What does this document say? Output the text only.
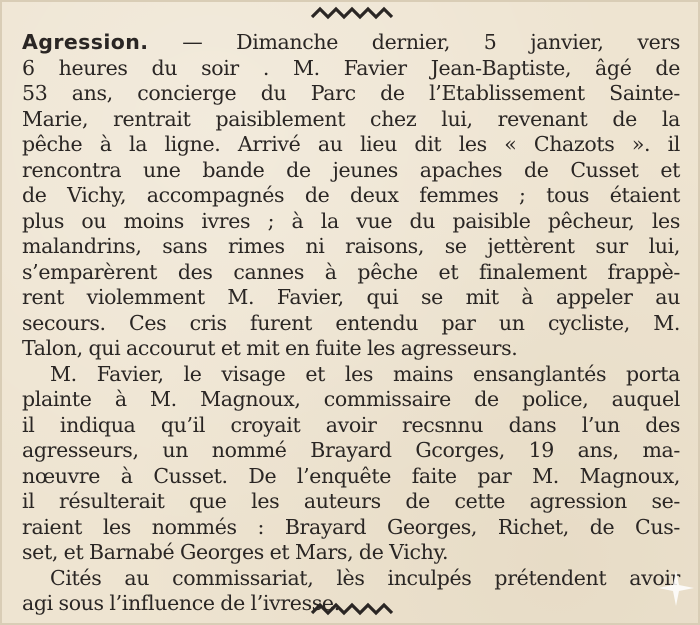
Agression. — Dimanche dernier, 5 janvier, vers
6 heures du soir . M. Favier Jean-Baptiste, âgé de
53 ans, concierge du Parc de l’Etablissement Sainte-
Marie, rentrait paisiblement chez lui, revenant de la
pêche à la ligne. Arrivé au lieu dit les « Chazots ». il
rencontra une bande de jeunes apaches de Cusset et
de Vichy, accompagnés de deux femmes ; tous étaient
plus ou moins ivres ; à la vue du paisible pêcheur, les
malandrins, sans rimes ni raisons, se jettèrent sur lui,
s’emparèrent des cannes à pêche et finalement frappè-
rent violemment M. Favier, qui se mit à appeler au
secours. Ces cris furent entendu par un cycliste, M.
Talon, qui accourut et mit en fuite les agresseurs.
M. Favier, le visage et les mains ensanglantés porta
plainte à M. Magnoux, commissaire de police, auquel
il indiqua qu’il croyait avoir recsnnu dans l’un des
agresseurs, un nommé Brayard Gcorges, 19 ans, ma-
nœuvre à Cusset. De l’enquête faite par M. Magnoux,
il résulterait que les auteurs de cette agression se-
raient les nommés : Brayard Georges, Richet, de Cus-
set, et Barnabé Georges et Mars, de Vichy.
Cités au commissariat, lès inculpés prétendent avoir
agi sous l’influence de l’ivresse.
